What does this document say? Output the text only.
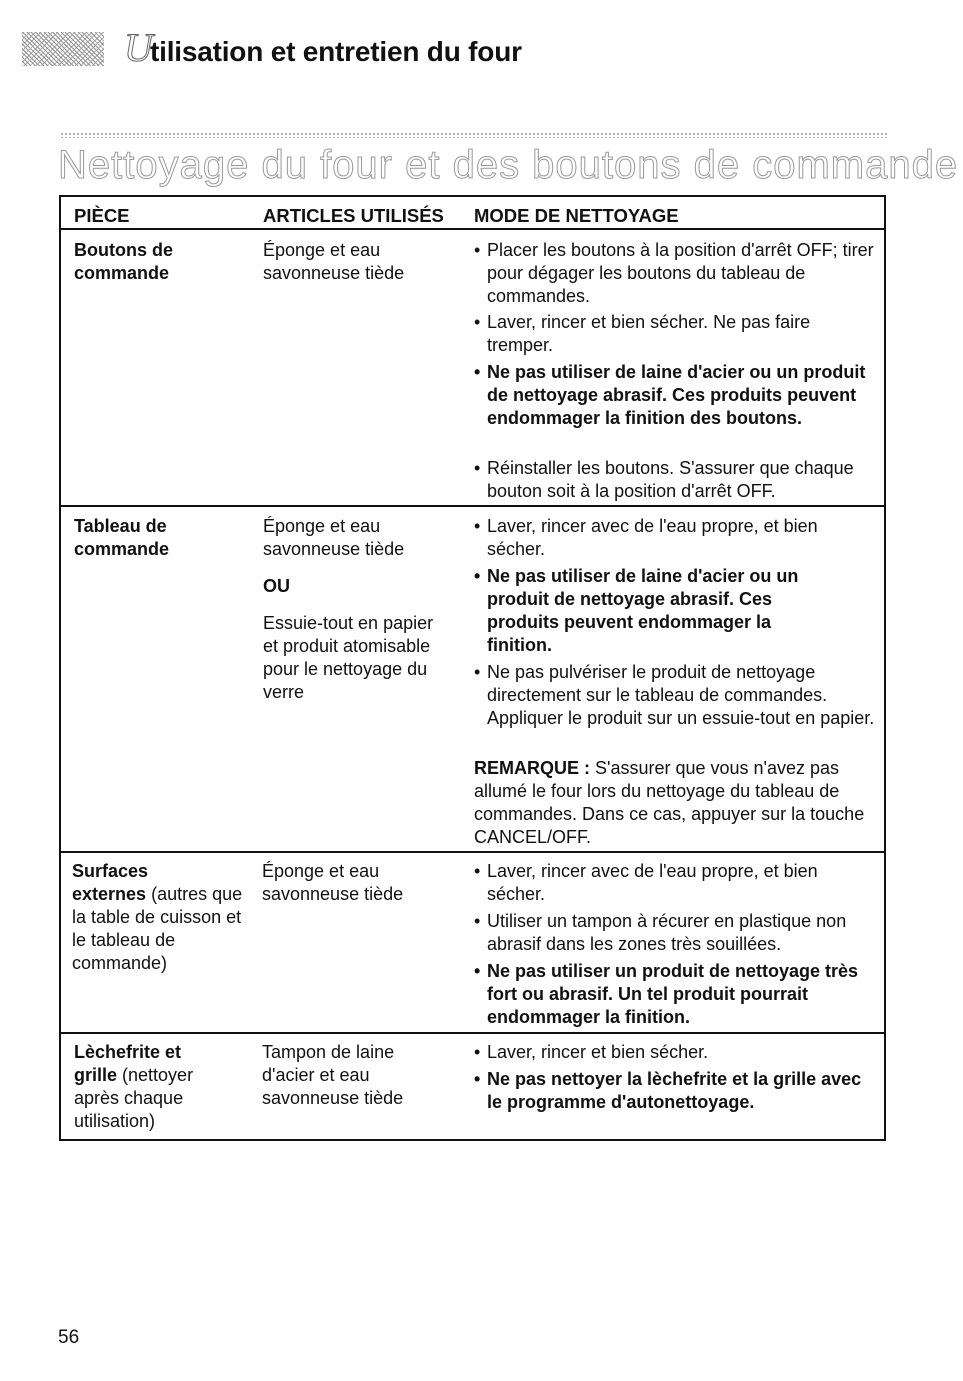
U
tilisation et entretien du four
Nettoyage du four et des boutons de commande
PIÈCE	ARTICLES UTILISÉS MODE DE NETTOYAGE
Boutons de commande
Éponge et eau
savonneuse tiède
• Placer les boutons à la position d'arrêt OFF; tirer pour dégager les boutons du tableau de commandes.
• Laver, rincer et bien sécher. Ne pas faire tremper.
• Ne pas utiliser de laine d'acier ou un produit de nettoyage abrasif. Ces produits peuvent endommager la finition des boutons.
• Réinstaller les boutons. S'assurer que chaque bouton soit à la position d'arrêt OFF.
Tableau de commande
Éponge et eau
savonneuse tiède
OU
Essuie-tout en papier
et produit atomisable
pour le nettoyage du
verre
• Laver, rincer avec de l'eau propre, et bien sécher.
• Ne pas utiliser de laine d'acier ou un produit de nettoyage abrasif. Ces produits peuvent endommager la finition.
• Ne pas pulvériser le produit de nettoyage directement sur le tableau de commandes. Appliquer le produit sur un essuie-tout en papier.
REMARQUE : S'assurer que vous n'avez pas allumé le four lors du nettoyage du tableau de commandes. Dans ce cas, appuyer sur la touche CANCEL/OFF.
Surfaces
externes (autres que la table de cuisson et le tableau de commande)
Éponge et eau
savonneuse tiède
• Laver, rincer avec de l'eau propre, et bien sécher.
• Utiliser un tampon à récurer en plastique non abrasif dans les zones très souillées.
• Ne pas utiliser un produit de nettoyage très fort ou abrasif. Un tel produit pourrait endommager la finition.
Lèchefrite et
grille (nettoyer après chaque utilisation)
Tampon de laine
d'acier et eau
savonneuse tiède
• Laver, rincer et bien sécher.
• Ne pas nettoyer la lèchefrite et la grille avec le programme d'autonettoyage.
56
